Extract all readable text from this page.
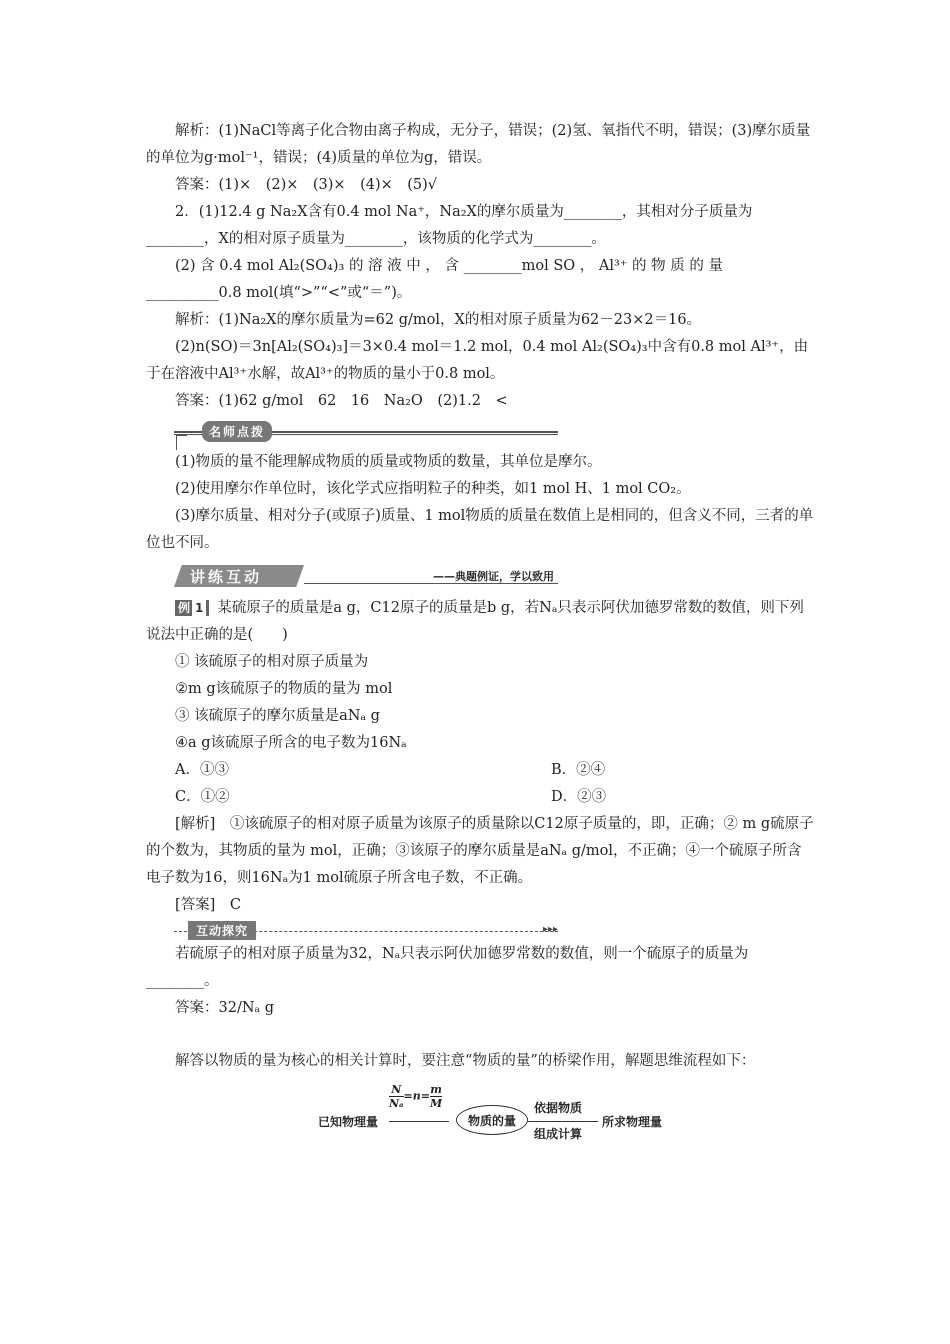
解析：(1)NaCl等离子化合物由离子构成，无分子，错误；(2)氢、氧指代不明，错误；(3)摩尔质量的单位为g·mol⁻¹，错误；(4)质量的单位为g，错误。

答案：(1)×　(2)×　(3)×　(4)×　(5)√

2．(1)12.4 g Na₂X含有0.4 mol Na⁺，Na₂X的摩尔质量为________，其相对分子质量为________，X的相对原子质量为________，该物质的化学式为________。

(2) 含 0.4 mol Al₂(SO₄)₃ 的 溶 液 中 ， 含 ________mol SO ， Al³⁺ 的 物 质 的 量 __________0.8 mol(填“>”“<”或“＝”)。

解析：(1)Na₂X的摩尔质量为=62 g/mol，X的相对原子质量为62－23×2＝16。

(2)n(SO)＝3n[Al₂(SO₄)₃]＝3×0.4 mol＝1.2 mol，0.4 mol Al₂(SO₄)₃中含有0.8 mol Al³⁺，由于在溶液中Al³⁺水解，故Al³⁺的物质的量小于0.8 mol。

答案：(1)62 g/mol　62　16　Na₂O　(2)1.2　<

名师点拨

(1)物质的量不能理解成物质的质量或物质的数量，其单位是摩尔。

(2)使用摩尔作单位时，该化学式应指明粒子的种类，如1 mol H、1 mol CO₂。

(3)摩尔质量、相对分子(或原子)质量、1 mol物质的质量在数值上是相同的，但含义不同，三者的单位也不同。

讲练互动	——典题例证，学以致用

例 1 某硫原子的质量是a g，C12原子的质量是b g，若Nₐ只表示阿伏加德罗常数的数值，则下列说法中正确的是(　　)

① 该硫原子的相对原子质量为

②m g该硫原子的物质的量为 mol

③ 该硫原子的摩尔质量是aNₐ g

④a g该硫原子所含的电子数为16Nₐ

A．①③	B．②④

C．①②	D．②③

[解析]　①该硫原子的相对原子质量为该原子的质量除以C12原子质量的，即，正确；② m g硫原子的个数为，其物质的量为 mol，正确；③该原子的摩尔质量是aNₐ g/mol，不正确；④一个硫原子所含电子数为16，则16Nₐ为1 mol硫原子所含电子数，不正确。

[答案]　C

互动探究	▸▸▸

若硫原子的相对原子质量为32，Nₐ只表示阿伏加德罗常数的数值，则一个硫原子的质量为________。

答案：32/Nₐ g

解答以物质的量为核心的相关计算时，要注意“物质的量”的桥梁作用，解题思维流程如下：

已知物理量
$\frac{N}{\text{Nₐ}} =n= \frac{m}{M}$
物质的量
依据物质
组成计算
所求物理量
